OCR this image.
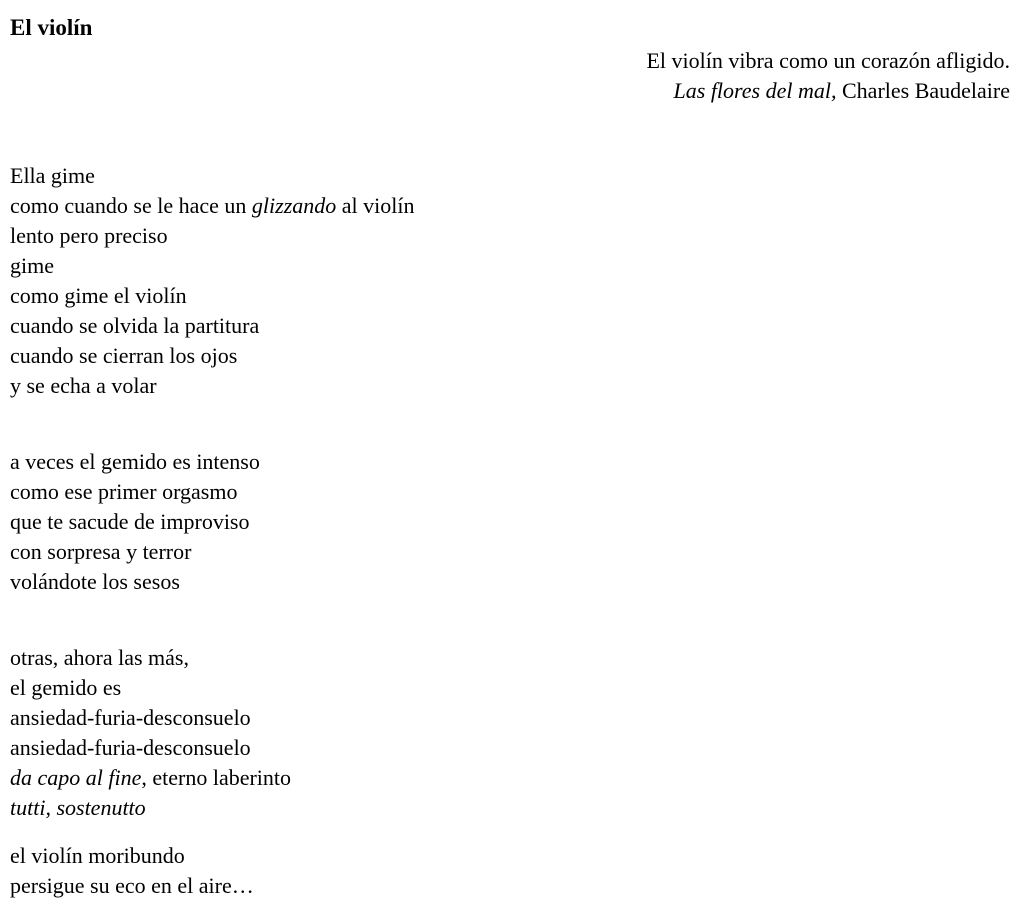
El violín
El violín vibra como un corazón afligido.
Las flores del mal, Charles Baudelaire
Ella gime
como cuando se le hace un glizzando al violín
lento pero preciso
gime
como gime el violín
cuando se olvida la partitura
cuando se cierran los ojos
y se echa a volar
a veces el gemido es intenso
como ese primer orgasmo
que te sacude de improviso
con sorpresa y terror
volándote los sesos
otras, ahora las más,
el gemido es
ansiedad-furia-desconsuelo
ansiedad-furia-desconsuelo
da capo al fine, eterno laberinto
tutti, sostenutto
el violín moribundo
persigue su eco en el aire…
